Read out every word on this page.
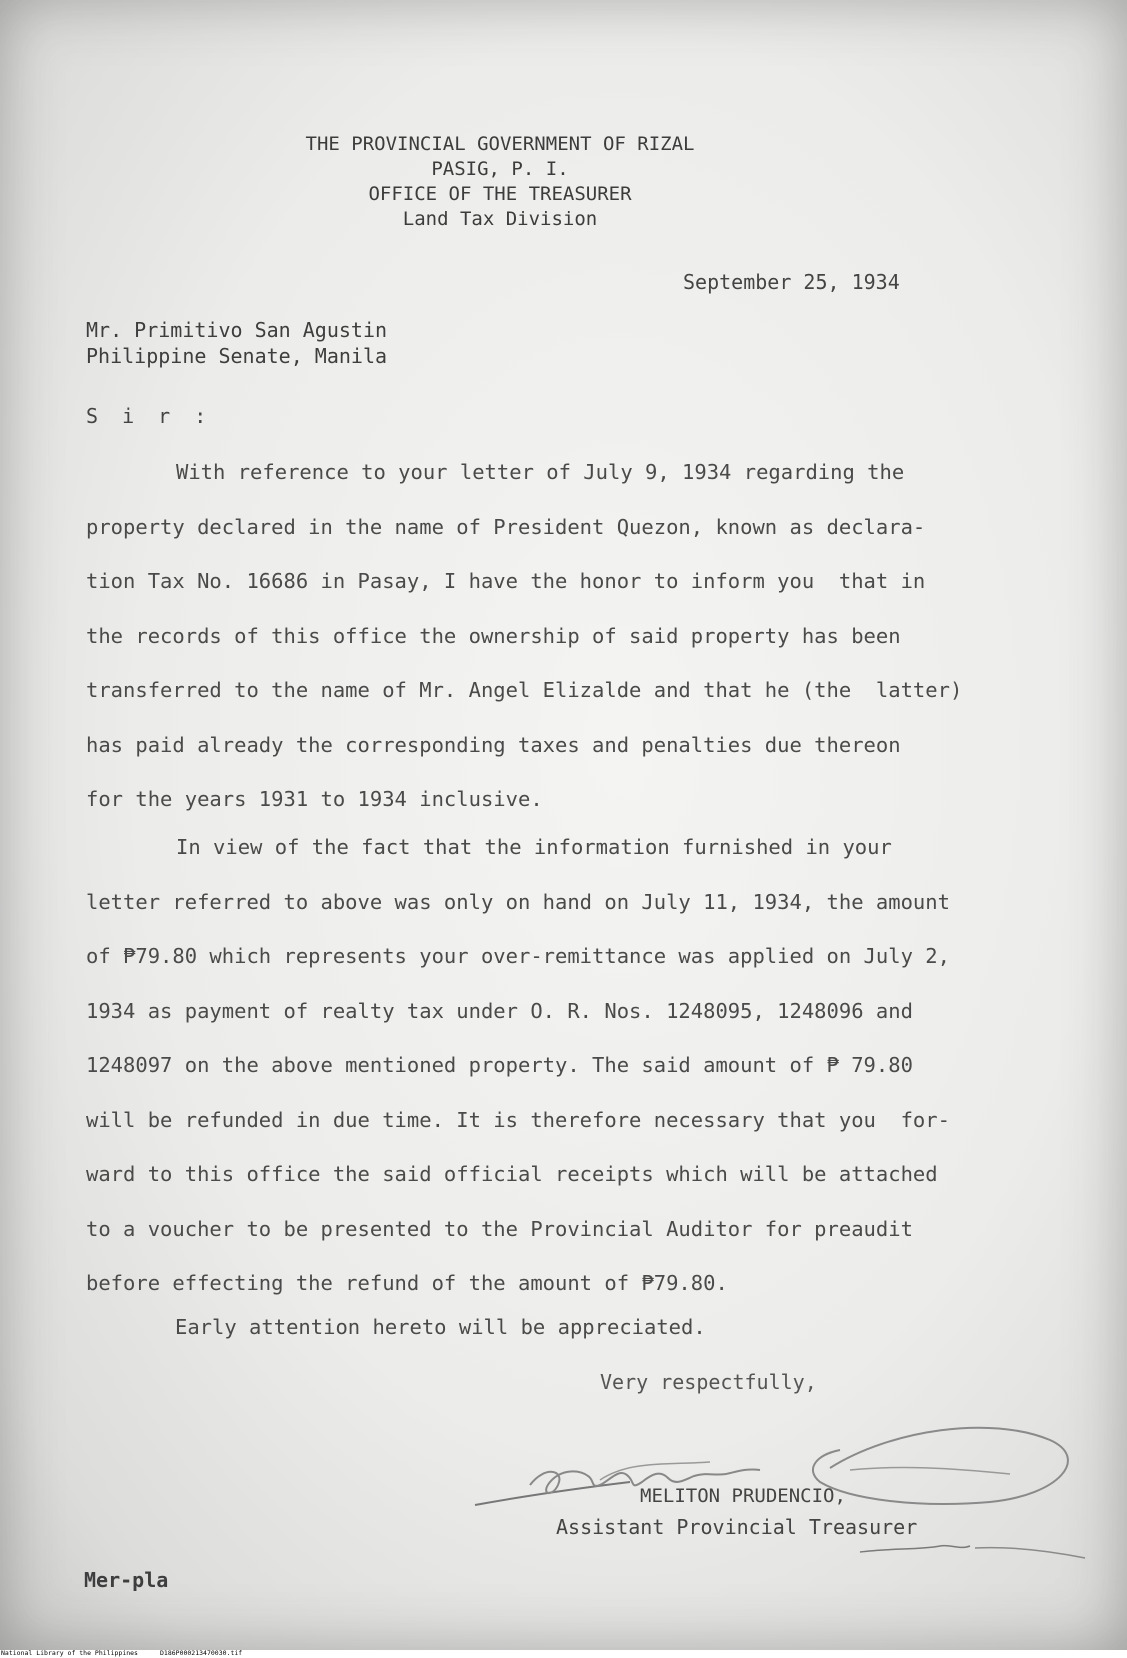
THE PROVINCIAL GOVERNMENT OF RIZAL
PASIG, P. I.
OFFICE OF THE TREASURER
Land Tax Division
September 25, 1934
Mr. Primitivo San Agustin
Philippine Senate, Manila
S i r :
With reference to your letter of July 9, 1934 regarding the
property declared in the name of President Quezon, known as declara-
tion Tax No. 16686 in Pasay, I have the honor to inform you  that in
the records of this office the ownership of said property has been
transferred to the name of Mr. Angel Elizalde and that he (the  latter)
has paid already the corresponding taxes and penalties due thereon
for the years 1931 to 1934 inclusive.
In view of the fact that the information furnished in your
letter referred to above was only on hand on July 11, 1934, the amount
of ₱79.80 which represents your over-remittance was applied on July 2,
1934 as payment of realty tax under O. R. Nos. 1248095, 1248096 and
1248097 on the above mentioned property. The said amount of ₱ 79.80
will be refunded in due time. It is therefore necessary that you  for-
ward to this office the said official receipts which will be attached
to a voucher to be presented to the Provincial Auditor for preaudit
before effecting the refund of the amount of ₱79.80.
Early attention hereto will be appreciated.
Very respectfully,
MELITON PRUDENCIO,
Assistant Provincial Treasurer
Mer-pla
National Library of the Philippines	D186P000213470030.tif
